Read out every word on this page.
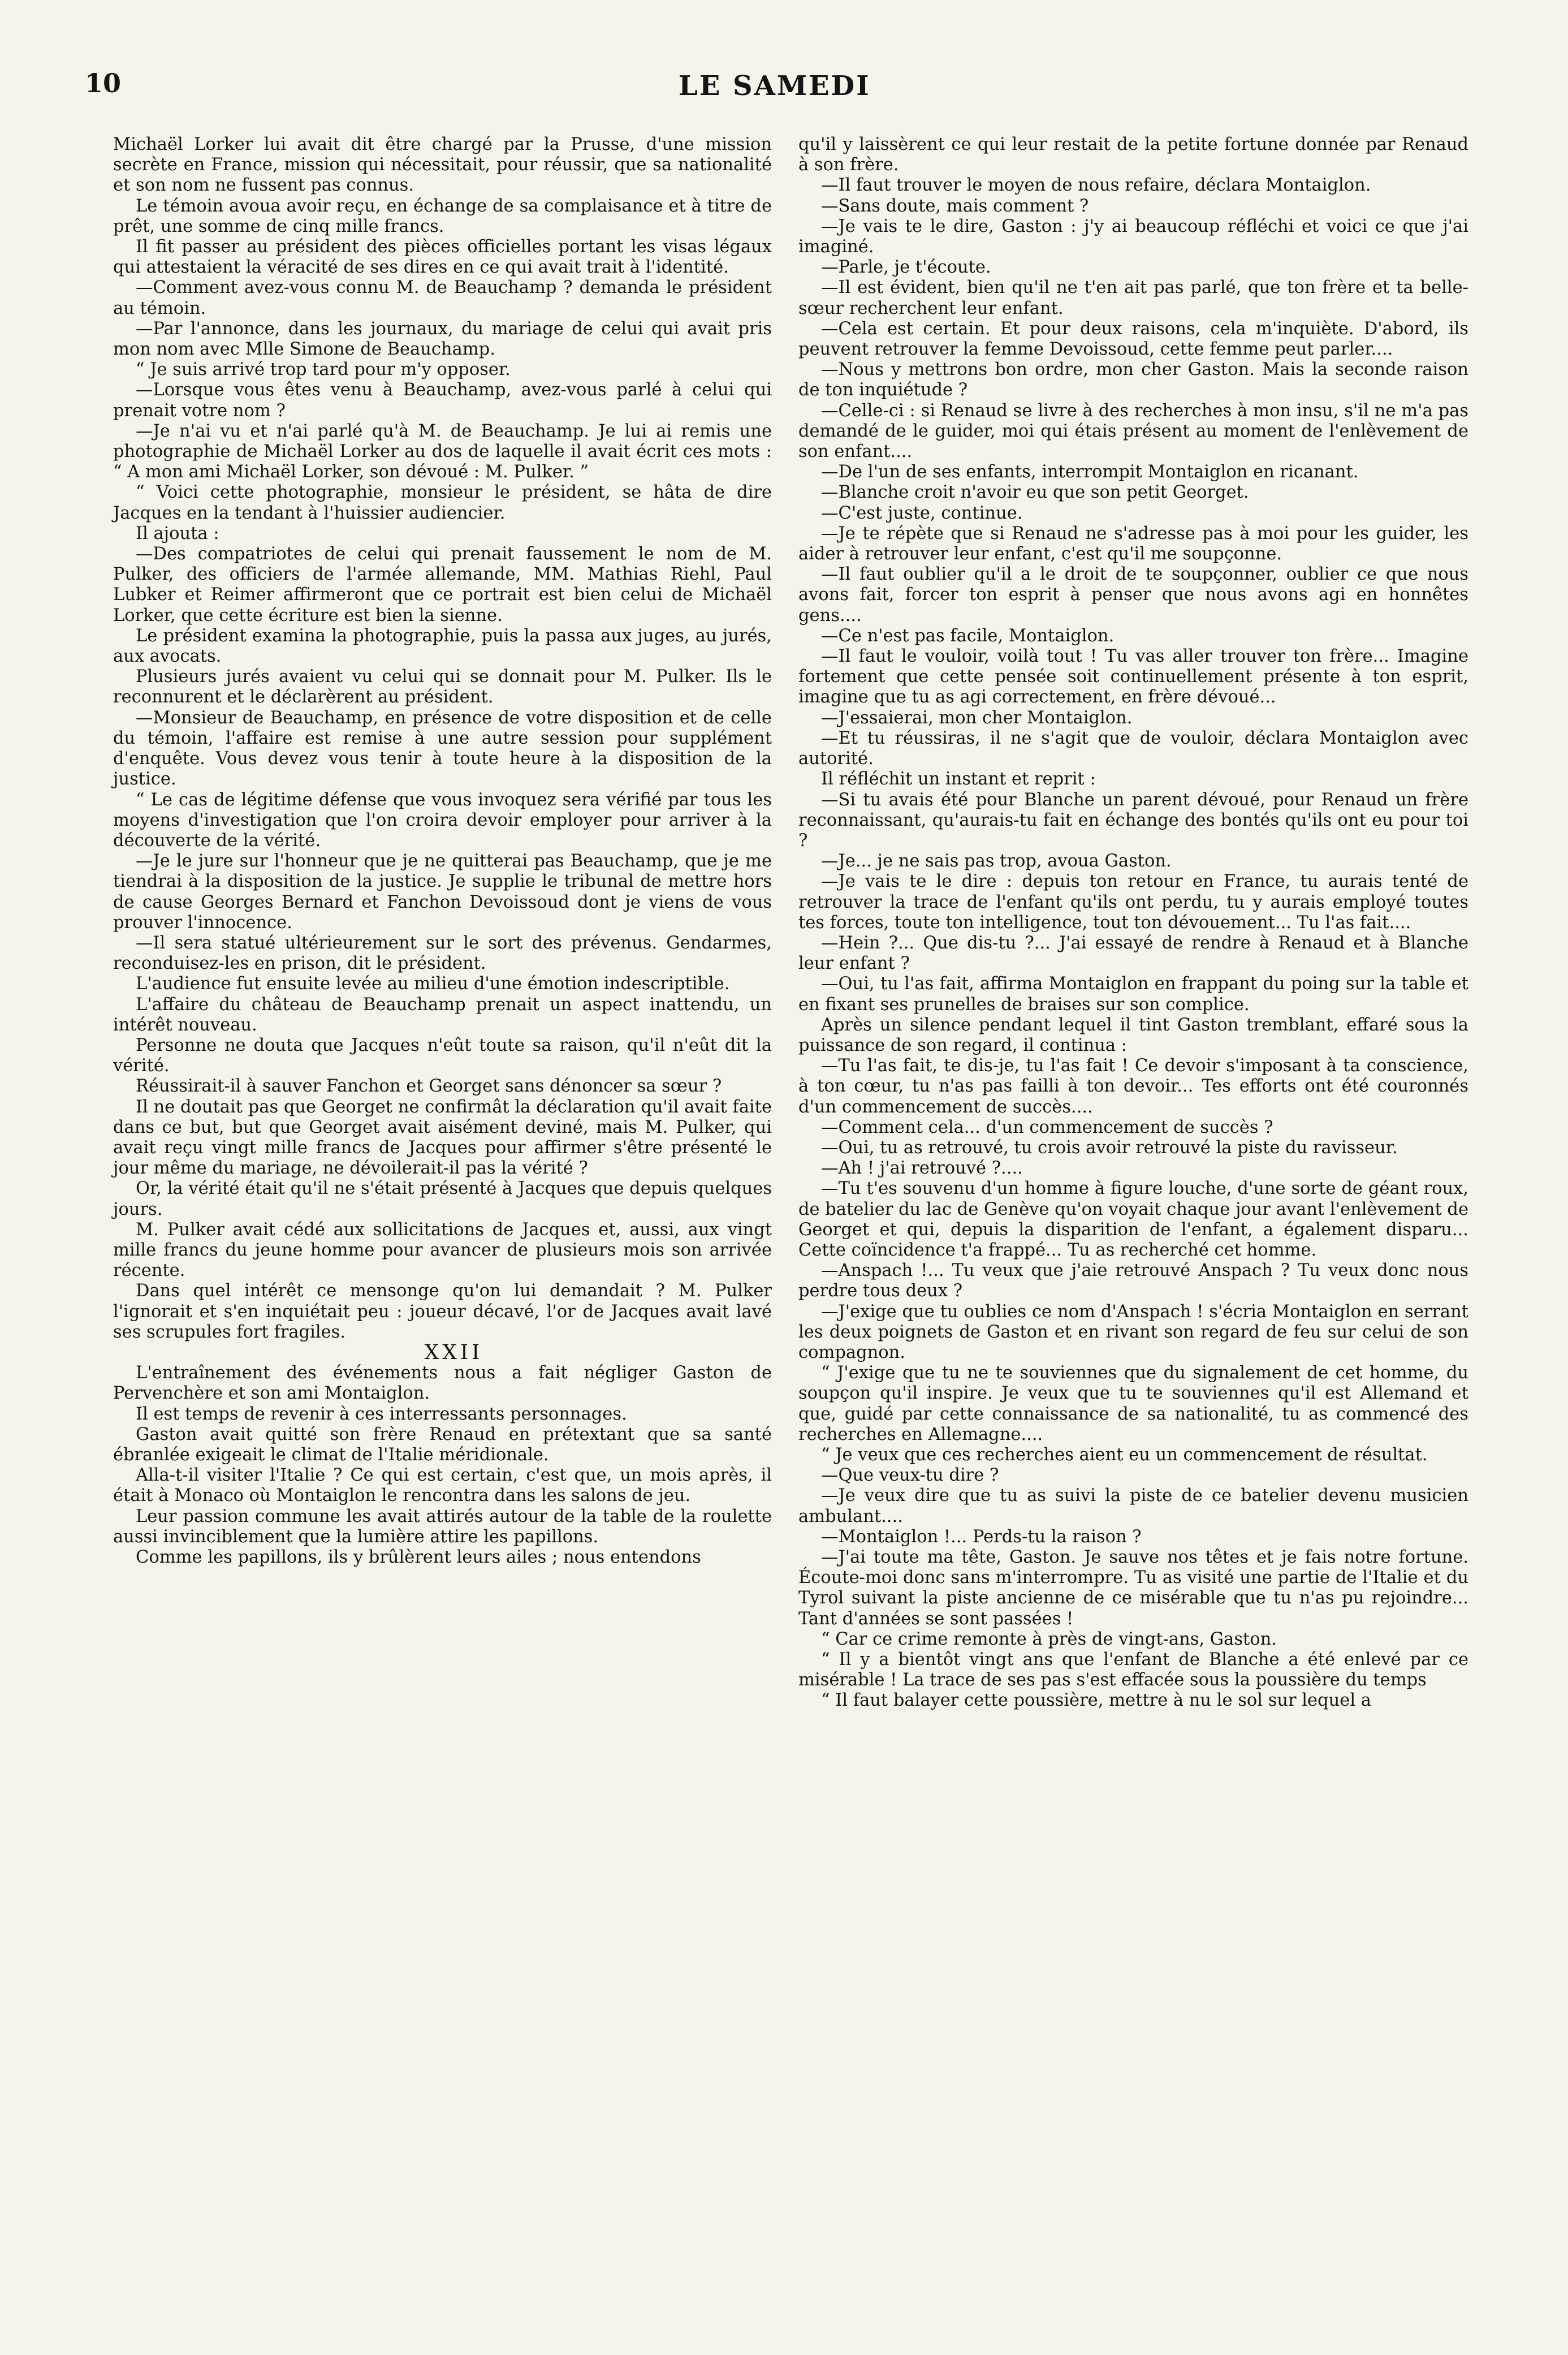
10	LE SAMEDI

Michaël Lorker lui avait dit être chargé par la Prusse, d'une mission secrète en France, mission qui nécessitait, pour réussir, que sa nationalité et son nom ne fussent pas connus.

Le témoin avoua avoir reçu, en échange de sa complaisance et à titre de prêt, une somme de cinq mille francs.

Il fit passer au président des pièces officielles portant les visas légaux qui attestaient la véracité de ses dires en ce qui avait trait à l'identité.

—Comment avez-vous connu M. de Beauchamp ? demanda le président au témoin.

—Par l'annonce, dans les journaux, du mariage de celui qui avait pris mon nom avec Mlle Simone de Beauchamp.

“ Je suis arrivé trop tard pour m'y opposer.

—Lorsque vous êtes venu à Beauchamp, avez-vous parlé à celui qui prenait votre nom ?

—Je n'ai vu et n'ai parlé qu'à M. de Beauchamp. Je lui ai remis une photographie de Michaël Lorker au dos de laquelle il avait écrit ces mots : “ A mon ami Michaël Lorker, son dévoué : M. Pulker. ”

“ Voici cette photographie, monsieur le président, se hâta de dire Jacques en la tendant à l'huissier audiencier.

Il ajouta :

—Des compatriotes de celui qui prenait faussement le nom de M. Pulker, des officiers de l'armée allemande, MM. Mathias Riehl, Paul Lubker et Reimer affirmeront que ce portrait est bien celui de Michaël Lorker, que cette écriture est bien la sienne.

Le président examina la photographie, puis la passa aux juges, au jurés, aux avocats.

Plusieurs jurés avaient vu celui qui se donnait pour M. Pulker. Ils le reconnurent et le déclarèrent au président.

—Monsieur de Beauchamp, en présence de votre disposition et de celle du témoin, l'affaire est remise à une autre session pour supplément d'enquête. Vous devez vous tenir à toute heure à la disposition de la justice.

“ Le cas de légitime défense que vous invoquez sera vérifié par tous les moyens d'investigation que l'on croira devoir employer pour arriver à la découverte de la vérité.

—Je le jure sur l'honneur que je ne quitterai pas Beauchamp, que je me tiendrai à la disposition de la justice. Je supplie le tribunal de mettre hors de cause Georges Bernard et Fanchon Devoissoud dont je viens de vous prouver l'innocence.

—Il sera statué ultérieurement sur le sort des prévenus. Gendarmes, reconduisez-les en prison, dit le président.

L'audience fut ensuite levée au milieu d'une émotion indescriptible.

L'affaire du château de Beauchamp prenait un aspect inattendu, un intérêt nouveau.

Personne ne douta que Jacques n'eût toute sa raison, qu'il n'eût dit la vérité.

Réussirait-il à sauver Fanchon et Georget sans dénoncer sa sœur ?

Il ne doutait pas que Georget ne confirmât la déclaration qu'il avait faite dans ce but, but que Georget avait aisément deviné, mais M. Pulker, qui avait reçu vingt mille francs de Jacques pour affirmer s'être présenté le jour même du mariage, ne dévoilerait-il pas la vérité ?

Or, la vérité était qu'il ne s'était présenté à Jacques que depuis quelques jours.

M. Pulker avait cédé aux sollicitations de Jacques et, aussi, aux vingt mille francs du jeune homme pour avancer de plusieurs mois son arrivée récente.

Dans quel intérêt ce mensonge qu'on lui demandait ? M. Pulker l'ignorait et s'en inquiétait peu : joueur décavé, l'or de Jacques avait lavé ses scrupules fort fragiles.

XXII

L'entraînement des événements nous a fait négliger Gaston de Pervenchère et son ami Montaiglon.

Il est temps de revenir à ces interressants personnages.

Gaston avait quitté son frère Renaud en prétextant que sa santé ébranlée exigeait le climat de l'Italie méridionale.

Alla-t-il visiter l'Italie ? Ce qui est certain, c'est que, un mois après, il était à Monaco où Montaiglon le rencontra dans les salons de jeu.

Leur passion commune les avait attirés autour de la table de la roulette aussi invinciblement que la lumière attire les papillons.

Comme les papillons, ils y brûlèrent leurs ailes ; nous entendons

qu'il y laissèrent ce qui leur restait de la petite fortune donnée par Renaud à son frère.

—Il faut trouver le moyen de nous refaire, déclara Montaiglon.

—Sans doute, mais comment ?

—Je vais te le dire, Gaston : j'y ai beaucoup réfléchi et voici ce que j'ai imaginé.

—Parle, je t'écoute.

—Il est évident, bien qu'il ne t'en ait pas parlé, que ton frère et ta belle-sœur recherchent leur enfant.

—Cela est certain. Et pour deux raisons, cela m'inquiète. D'abord, ils peuvent retrouver la femme Devoissoud, cette femme peut parler....

—Nous y mettrons bon ordre, mon cher Gaston. Mais la seconde raison de ton inquiétude ?

—Celle-ci : si Renaud se livre à des recherches à mon insu, s'il ne m'a pas demandé de le guider, moi qui étais présent au moment de l'enlèvement de son enfant....

—De l'un de ses enfants, interrompit Montaiglon en ricanant.

—Blanche croit n'avoir eu que son petit Georget.

—C'est juste, continue.

—Je te répète que si Renaud ne s'adresse pas à moi pour les guider, les aider à retrouver leur enfant, c'est qu'il me soupçonne.

—Il faut oublier qu'il a le droit de te soupçonner, oublier ce que nous avons fait, forcer ton esprit à penser que nous avons agi en honnêtes gens....

—Ce n'est pas facile, Montaiglon.

—Il faut le vouloir, voilà tout ! Tu vas aller trouver ton frère... Imagine fortement que cette pensée soit continuellement présente à ton esprit, imagine que tu as agi correctement, en frère dévoué...

—J'essaierai, mon cher Montaiglon.

—Et tu réussiras, il ne s'agit que de vouloir, déclara Montaiglon avec autorité.

Il réfléchit un instant et reprit :

—Si tu avais été pour Blanche un parent dévoué, pour Renaud un frère reconnaissant, qu'aurais-tu fait en échange des bontés qu'ils ont eu pour toi ?

—Je... je ne sais pas trop, avoua Gaston.

—Je vais te le dire : depuis ton retour en France, tu aurais tenté de retrouver la trace de l'enfant qu'ils ont perdu, tu y aurais employé toutes tes forces, toute ton intelligence, tout ton dévouement... Tu l'as fait....

—Hein ?... Que dis-tu ?... J'ai essayé de rendre à Renaud et à Blanche leur enfant ?

—Oui, tu l'as fait, affirma Montaiglon en frappant du poing sur la table et en fixant ses prunelles de braises sur son complice.

Après un silence pendant lequel il tint Gaston tremblant, effaré sous la puissance de son regard, il continua :

—Tu l'as fait, te dis-je, tu l'as fait ! Ce devoir s'imposant à ta conscience, à ton cœur, tu n'as pas failli à ton devoir... Tes efforts ont été couronnés d'un commencement de succès....

—Comment cela... d'un commencement de succès ?

—Oui, tu as retrouvé, tu crois avoir retrouvé la piste du ravisseur.

—Ah ! j'ai retrouvé ?....

—Tu t'es souvenu d'un homme à figure louche, d'une sorte de géant roux, de batelier du lac de Genève qu'on voyait chaque jour avant l'enlèvement de Georget et qui, depuis la disparition de l'enfant, a également disparu... Cette coïncidence t'a frappé... Tu as recherché cet homme.

—Anspach !... Tu veux que j'aie retrouvé Anspach ? Tu veux donc nous perdre tous deux ?

—J'exige que tu oublies ce nom d'Anspach ! s'écria Montaiglon en serrant les deux poignets de Gaston et en rivant son regard de feu sur celui de son compagnon.

“ J'exige que tu ne te souviennes que du signalement de cet homme, du soupçon qu'il inspire. Je veux que tu te souviennes qu'il est Allemand et que, guidé par cette connaissance de sa nationalité, tu as commencé des recherches en Allemagne....

“ Je veux que ces recherches aient eu un commencement de résultat.

—Que veux-tu dire ?

—Je veux dire que tu as suivi la piste de ce batelier devenu musicien ambulant....

—Montaiglon !... Perds-tu la raison ?

—J'ai toute ma tête, Gaston. Je sauve nos têtes et je fais notre fortune. Écoute-moi donc sans m'interrompre. Tu as visité une partie de l'Italie et du Tyrol suivant la piste ancienne de ce misérable que tu n'as pu rejoindre... Tant d'années se sont passées !

“ Car ce crime remonte à près de vingt-ans, Gaston.

“ Il y a bientôt vingt ans que l'enfant de Blanche a été enlevé par ce misérable ! La trace de ses pas s'est effacée sous la poussière du temps

“ Il faut balayer cette poussière, mettre à nu le sol sur lequel a
